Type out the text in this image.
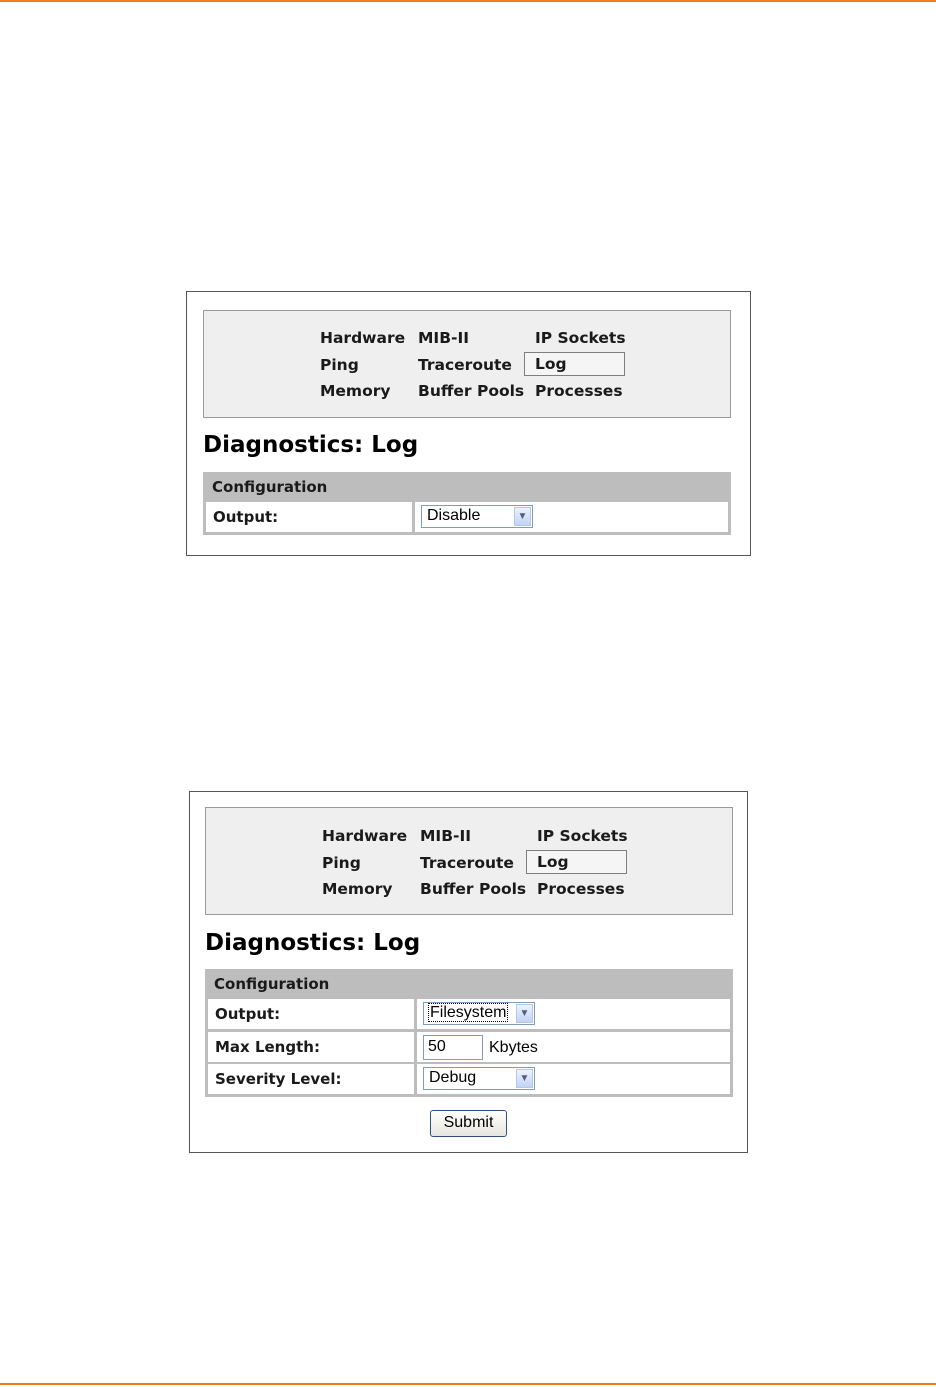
Hardware MIB-II	IP Sockets
Ping	Traceroute	Log
Memory Buffer Pools Processes
Diagnostics: Log
Configuration
Output:	Disable	▼
Hardware MIB-II	IP Sockets
Ping	Traceroute	Log
Memory Buffer Pools Processes
Diagnostics: Log
Configuration
Output:	Filesystem	▼
Max Length:	50	Kbytes
Severity Level:	Debug	▼
Submit
